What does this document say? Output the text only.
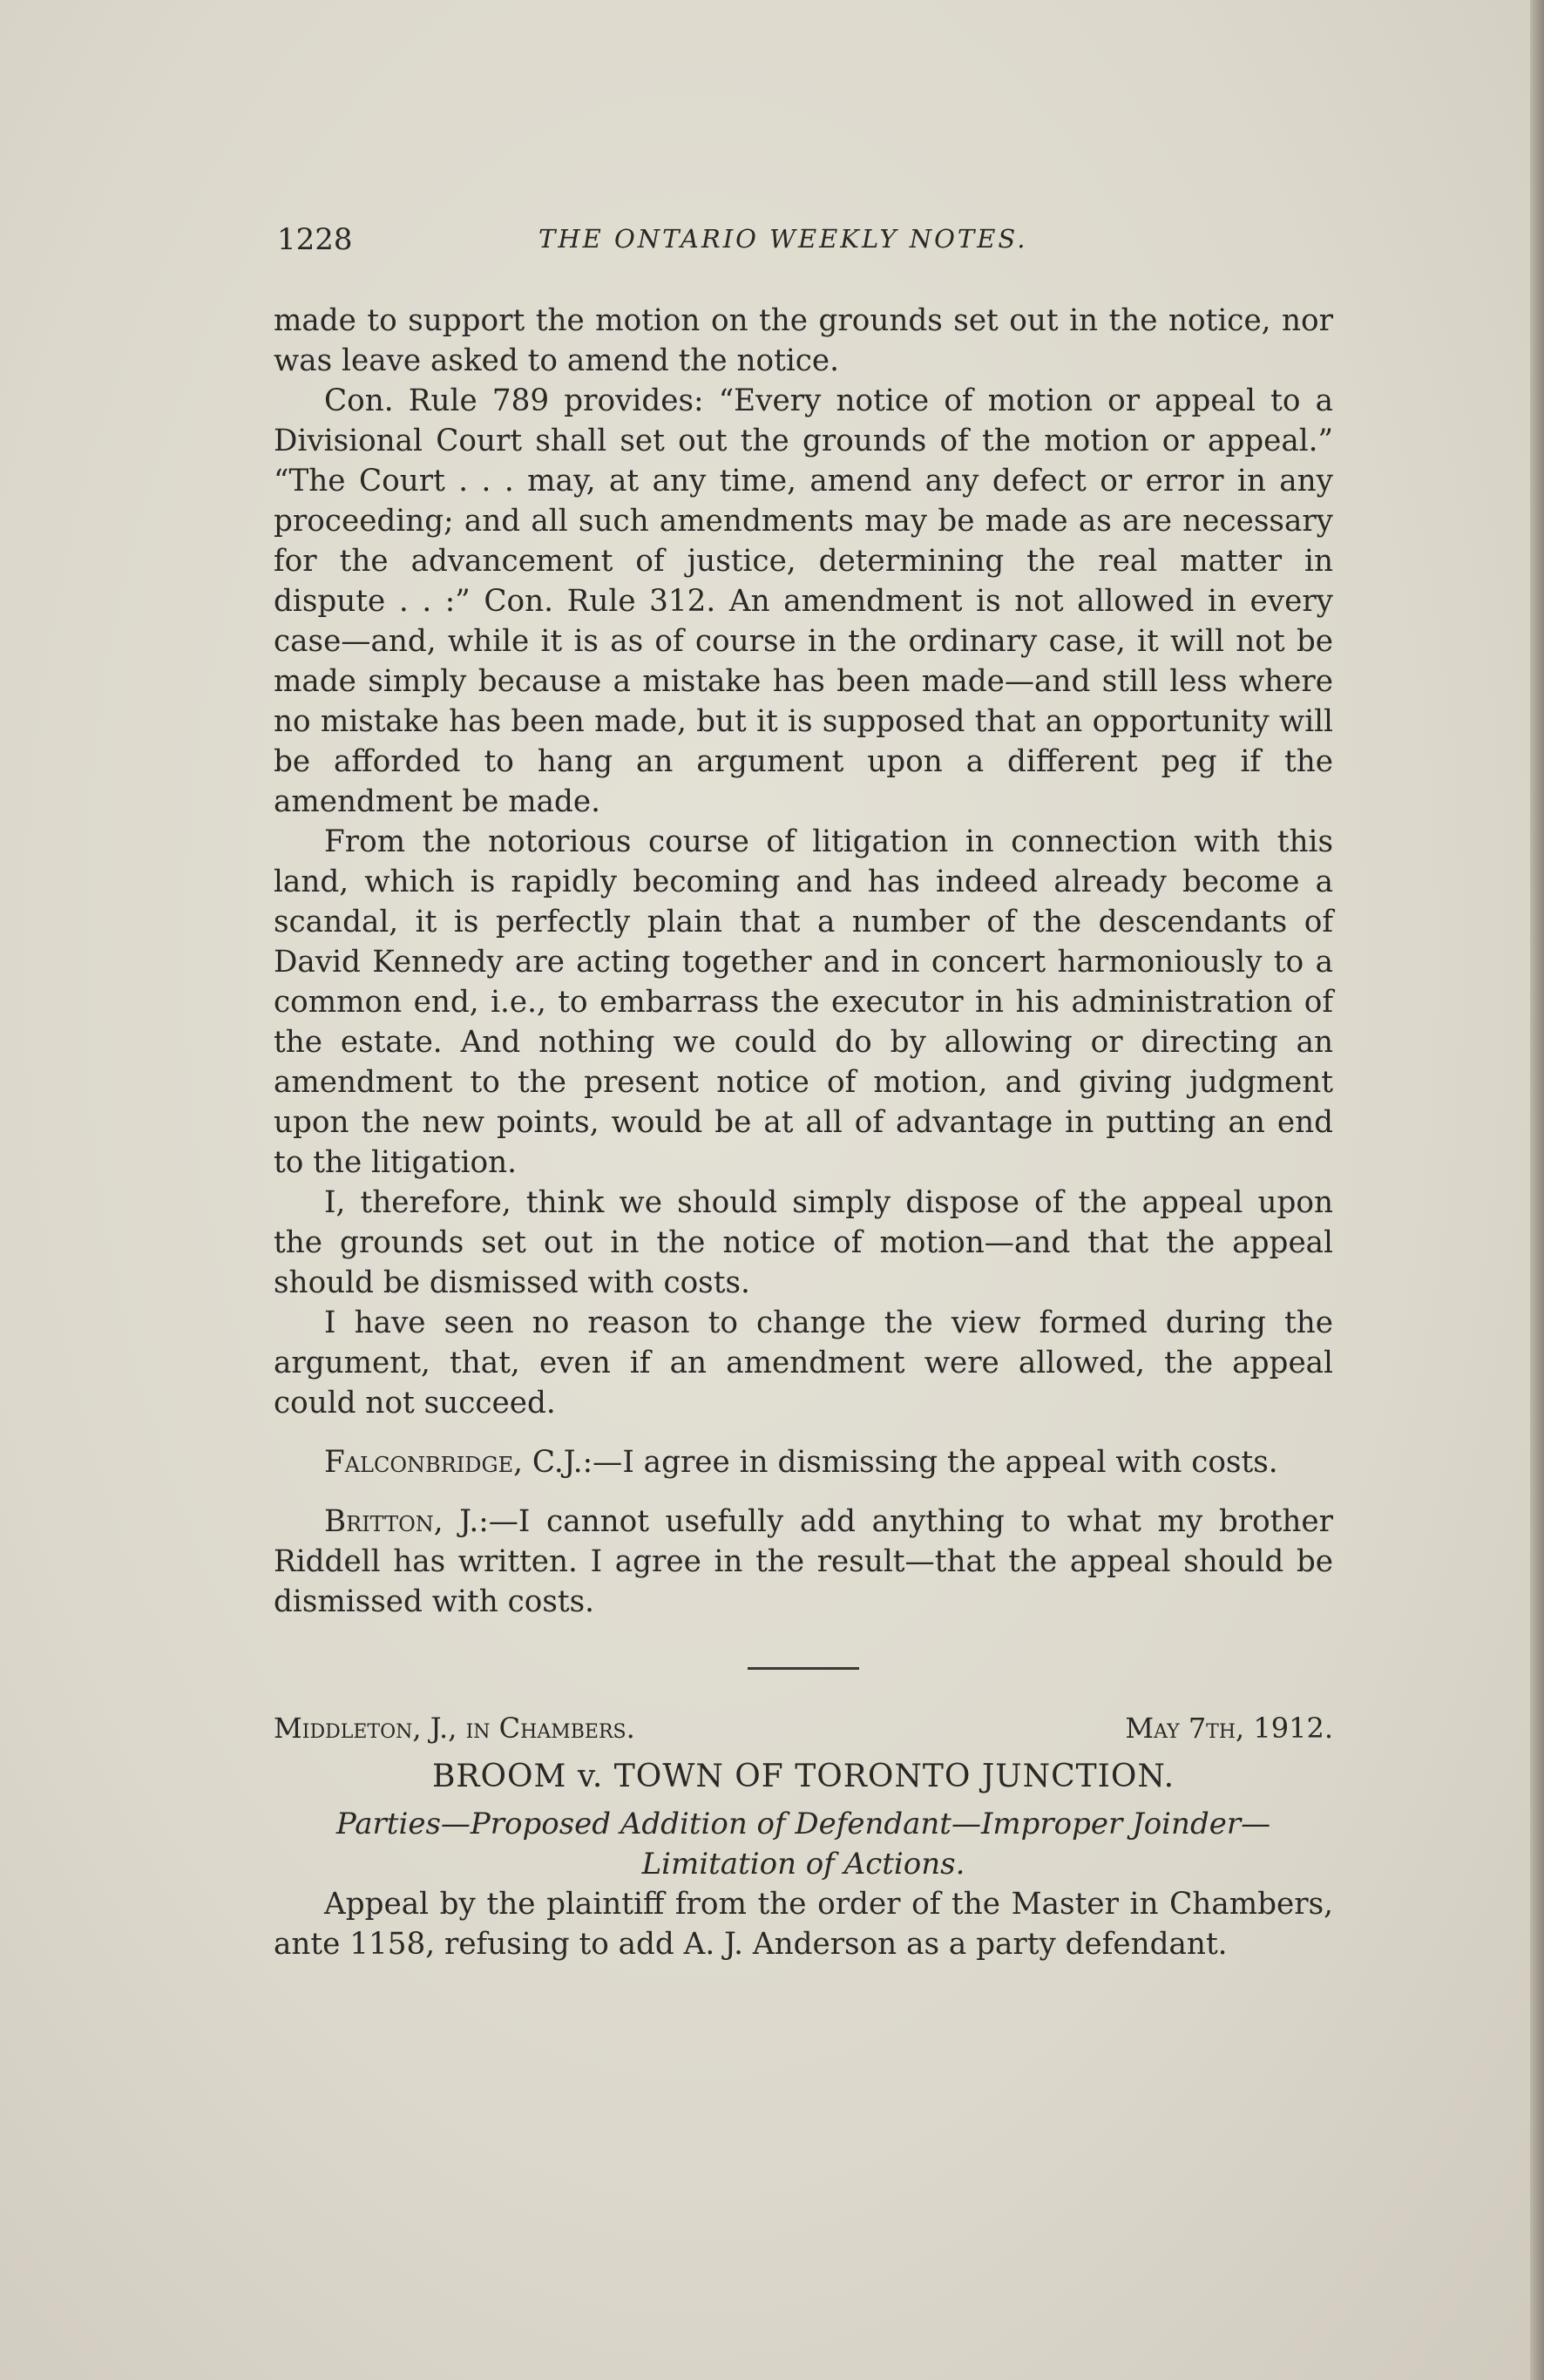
1228	THE ONTARIO WEEKLY NOTES.

made to support the motion on the grounds set out in the notice, nor was leave asked to amend the notice.

Con. Rule 789 provides: “Every notice of motion or appeal to a Divisional Court shall set out the grounds of the motion or appeal.” “The Court . . . may, at any time, amend any defect or error in any proceeding; and all such amendments may be made as are necessary for the advancement of justice, determining the real matter in dispute . . :” Con. Rule 312. An amendment is not allowed in every case—and, while it is as of course in the ordinary case, it will not be made simply because a mistake has been made—and still less where no mistake has been made, but it is supposed that an opportunity will be afforded to hang an argument upon a different peg if the amendment be made.

From the notorious course of litigation in connection with this land, which is rapidly becoming and has indeed already become a scandal, it is perfectly plain that a number of the descendants of David Kennedy are acting together and in concert harmoniously to a common end, i.e., to embarrass the executor in his administration of the estate. And nothing we could do by allowing or directing an amendment to the present notice of motion, and giving judgment upon the new points, would be at all of advantage in putting an end to the litigation.

I, therefore, think we should simply dispose of the appeal upon the grounds set out in the notice of motion—and that the appeal should be dismissed with costs.

I have seen no reason to change the view formed during the argument, that, even if an amendment were allowed, the appeal could not succeed.

Falconbridge, C.J.:—I agree in dismissing the appeal with costs.

Britton, J.:—I cannot usefully add anything to what my brother Riddell has written. I agree in the result—that the appeal should be dismissed with costs.

Middleton, J., in Chambers.	May 7th, 1912.
BROOM v. TOWN OF TORONTO JUNCTION.
Parties—Proposed Addition of Defendant—Improper Joinder—
Limitation of Actions.

Appeal by the plaintiff from the order of the Master in Chambers, ante 1158, refusing to add A. J. Anderson as a party defendant.
